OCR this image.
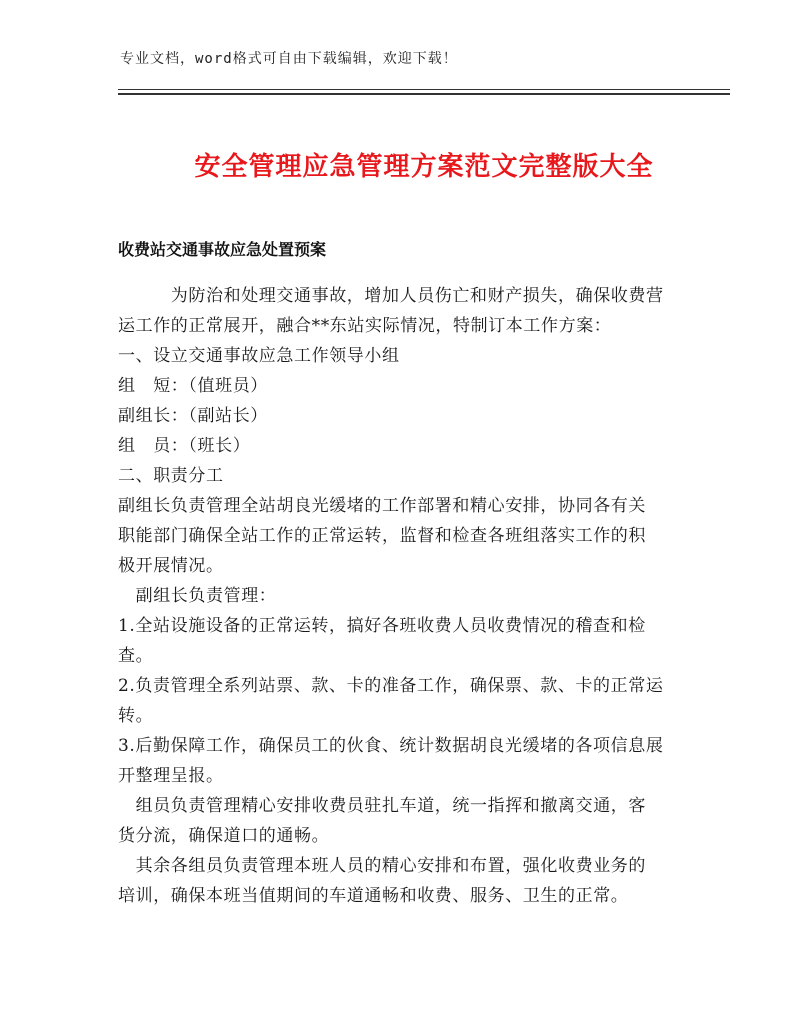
专业文档，word格式可自由下载编辑，欢迎下载！
安全管理应急管理方案范文完整版大全
收费站交通事故应急处置预案

　　　为防治和处理交通事故，增加人员伤亡和财产损失，确保收费营

运工作的正常展开，融合**东站实际情况，特制订本工作方案：

一、设立交通事故应急工作领导小组

组　短：（值班员）

副组长：（副站长）

组　员：（班长）

二、职责分工

副组长负责管理全站胡良光缓堵的工作部署和精心安排，协同各有关

职能部门确保全站工作的正常运转，监督和检查各班组落实工作的积

极开展情况。

　副组长负责管理：

1.全站设施设备的正常运转，搞好各班收费人员收费情况的稽查和检

查。

2.负责管理全系列站票、款、卡的准备工作，确保票、款、卡的正常运

转。

3.后勤保障工作，确保员工的伙食、统计数据胡良光缓堵的各项信息展

开整理呈报。

　组员负责管理精心安排收费员驻扎车道，统一指挥和撤离交通，客

货分流，确保道口的通畅。

　其余各组员负责管理本班人员的精心安排和布置，强化收费业务的

培训，确保本班当值期间的车道通畅和收费、服务、卫生的正常。
